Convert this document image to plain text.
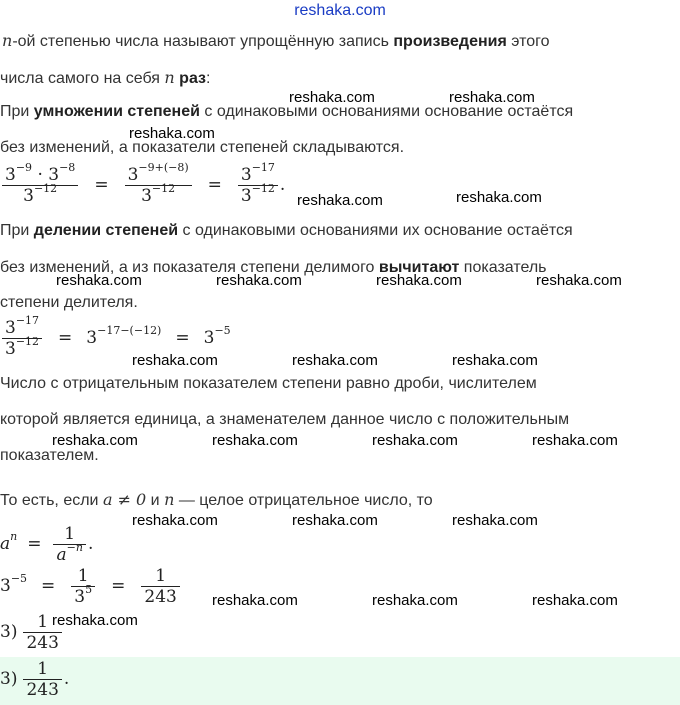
reshaka.com
n-ой степенью числа называют упрощённую запись произведения этого
числа самого на себя n раз:
При умножении степеней с одинаковыми основаниями основание остаётся
без изменений, а показатели степеней складываются.
$\frac{3^{-9} \cdot 3^{-8}}{3^{-12}} = \frac{3^{-9+(-8)}}{3^{-12}} = \frac{3^{-17}}{3^{-12}}$ .
При делении степеней с одинаковыми основаниями их основание остаётся
без изменений, а из показателя степени делимого вычитают показатель
степени делителя.
$\frac{3^{-17}}{3^{-12}} = 3^{-17-(-12)} = 3^{-5}$
Число с отрицательным показателем степени равно дроби, числителем
которой является единица, а знаменателем данное число с положительным
показателем.
То есть, если a ≠ 0 и n — целое отрицательное число, то
$a^n = \frac{1}{a^{-n}}$ .
$3^{-5} = \frac{1}{3^5} = \frac{1}{243}$
$3) \frac{1}{243}$
$3) \frac{1}{243}$ .
reshaka.com	reshaka.com
reshaka.com
reshaka.com	reshaka.com
reshaka.com	reshaka.com	reshaka.com	reshaka.com
reshaka.com	reshaka.com	reshaka.com
reshaka.com	reshaka.com	reshaka.com	reshaka.com
reshaka.com	reshaka.com	reshaka.com
reshaka.com	reshaka.com	reshaka.com
reshaka.com
